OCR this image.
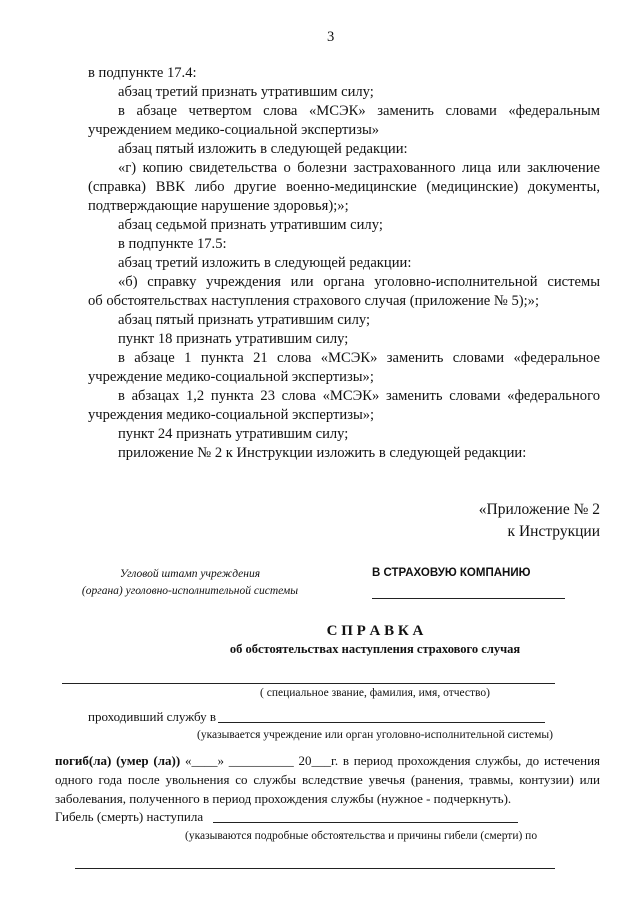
3
в подпункте 17.4:
абзац третий признать утратившим силу;
в абзаце четвертом слова «МСЭК» заменить словами «федеральным
учреждением медико-социальной экспертизы»
абзац пятый изложить в следующей редакции:
«г) копию свидетельства о болезни застрахованного лица или заключение
(справка) ВВК либо другие военно-медицинские (медицинские) документы,
подтверждающие нарушение здоровья);»;
абзац седьмой признать утратившим силу;
в подпункте 17.5:
абзац третий изложить в следующей редакции:
«б) справку учреждения или органа уголовно-исполнительной системы
об обстоятельствах наступления страхового случая (приложение № 5);»;
абзац пятый признать утратившим силу;
пункт 18 признать утратившим силу;
в абзаце 1 пункта 21 слова «МСЭК» заменить словами «федеральное
учреждение медико-социальной экспертизы»;
в абзацах 1,2 пункта 23 слова «МСЭК» заменить словами «федерального
учреждения медико-социальной экспертизы»;
пункт 24 признать утратившим силу;
приложение № 2 к Инструкции изложить в следующей редакции:
«Приложение № 2
к Инструкции
Угловой штамп учреждения
(органа) уголовно-исполнительной системы
В СТРАХОВУЮ КОМПАНИЮ
С П Р А В К А
об обстоятельствах наступления страхового случая
( специальное звание, фамилия, имя, отчество)
проходивший службу в
(указывается учреждение или орган уголовно-исполнительной системы)
погиб(ла) (умер (ла)) «____» __________ 20___г. в период прохождения службы, до истечения
одного года после увольнения со службы вследствие увечья (ранения, травмы, контузии) или
заболевания, полученного в период прохождения службы (нужное - подчеркнуть).
Гибель (смерть) наступила
(указываются подробные обстоятельства и причины гибели (смерти) по
